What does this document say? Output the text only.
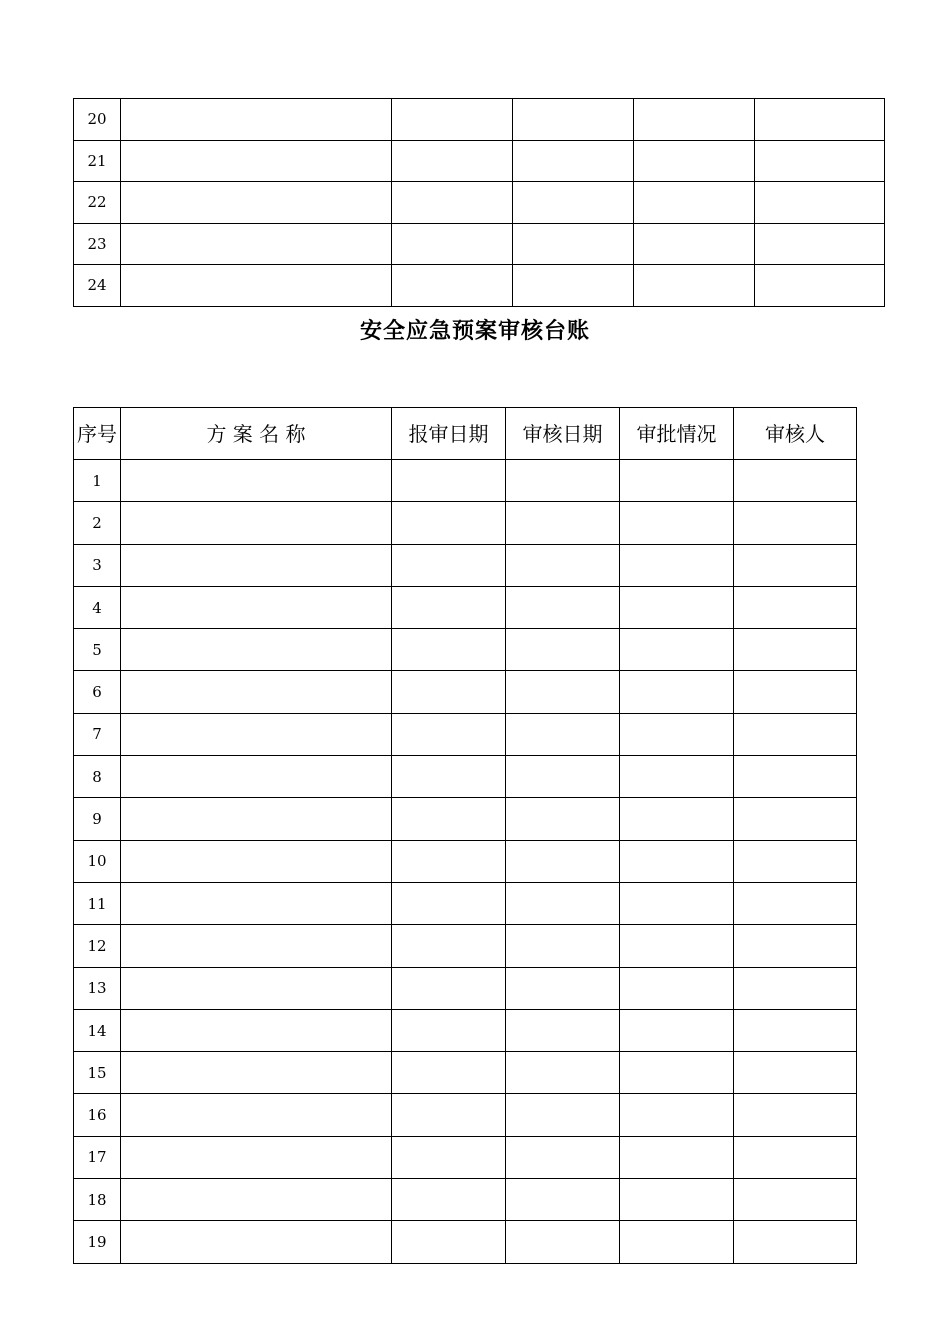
20					
21					
22					
23					
24					
安全应急预案审核台账
序号	方 案 名 称	报审日期	审核日期	审批情况	审核人
1					
2					
3					
4					
5					
6					
7					
8					
9					
10					
11					
12					
13					
14					
15					
16					
17					
18					
19					
